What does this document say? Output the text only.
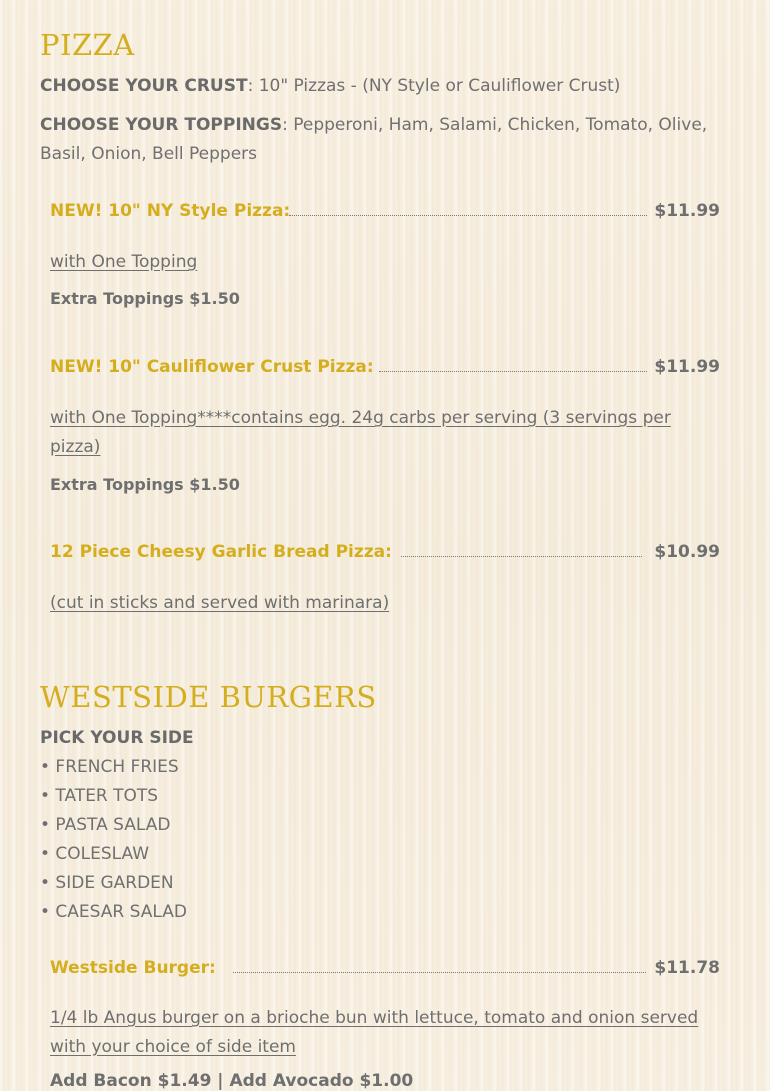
PIZZA

CHOOSE YOUR CRUST: 10" Pizzas - (NY Style or Cauliflower Crust)

CHOOSE YOUR TOPPINGS: Pepperoni, Ham, Salami, Chicken, Tomato, Olive, Basil, Onion, Bell Peppers

NEW! 10" NY Style Pizza:	$11.99
with One Topping
Extra Toppings $1.50
NEW! 10" Cauliflower Crust Pizza:	$11.99
with One Topping****contains egg. 24g carbs per serving (3 servings per pizza)
Extra Toppings $1.50
12 Piece Cheesy Garlic Bread Pizza:	$10.99
(cut in sticks and served with marinara)
WESTSIDE BURGERS
PICK YOUR SIDE
• FRENCH FRIES
• TATER TOTS
• PASTA SALAD
• COLESLAW
• SIDE GARDEN
• CAESAR SALAD
Westside Burger:	$11.78
1/4 lb Angus burger on a brioche bun with lettuce, tomato and onion served with your choice of side item
Add Bacon $1.49 | Add Avocado $1.00
